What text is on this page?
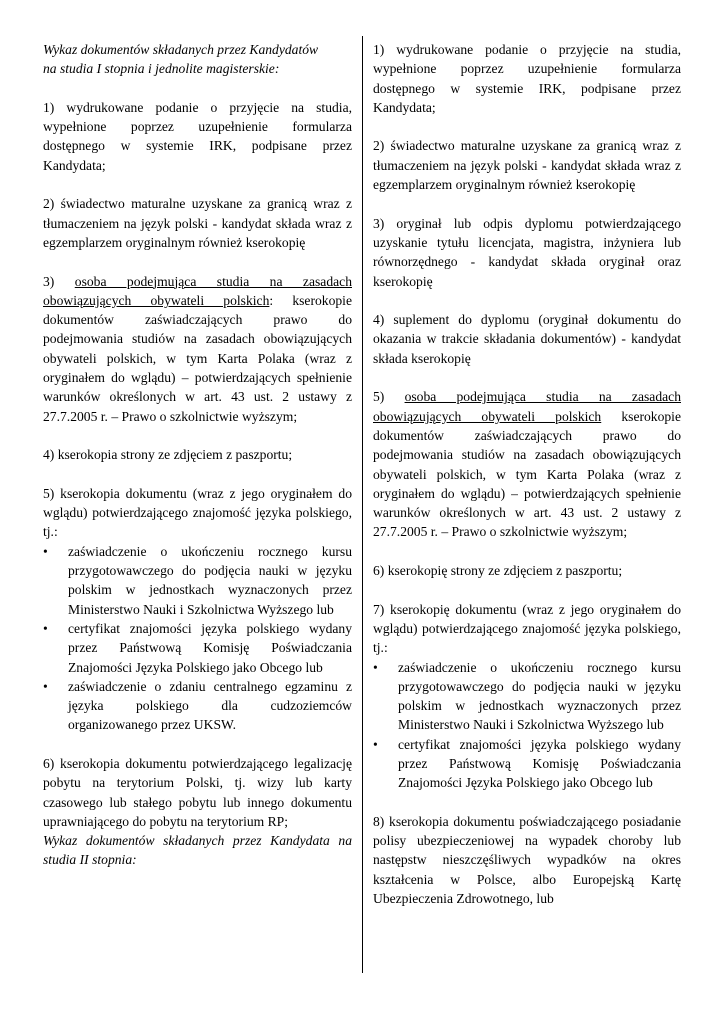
Wykaz dokumentów składanych przez Kandydatów
na studia I stopnia i jednolite magisterskie:

1) wydrukowane podanie o przyjęcie na studia, wypełnione poprzez uzupełnienie formularza dostępnego w systemie IRK, podpisane przez Kandydata;

2) świadectwo maturalne uzyskane za granicą wraz z tłumaczeniem na język polski - kandydat składa wraz z egzemplarzem oryginalnym również kserokopię

3) osoba podejmująca studia na zasadach obowiązujących obywateli polskich: kserokopie dokumentów zaświadczających prawo do podejmowania studiów na zasadach obowiązujących obywateli polskich, w tym Karta Polaka (wraz z oryginałem do wglądu) – potwierdzających spełnienie warunków określonych w art. 43 ust. 2 ustawy z 27.7.2005 r. – Prawo o szkolnictwie wyższym;

4) kserokopia strony ze zdjęciem z paszportu;

5) kserokopia dokumentu (wraz z jego oryginałem do wglądu) potwierdzającego znajomość języka polskiego, tj.:

• zaświadczenie o ukończeniu rocznego kursu przygotowawczego do podjęcia nauki w języku polskim w jednostkach wyznaczonych przez Ministerstwo Nauki i Szkolnictwa Wyższego lub
• certyfikat znajomości języka polskiego wydany przez Państwową Komisję Poświadczania Znajomości Języka Polskiego jako Obcego lub
• zaświadczenie o zdaniu centralnego egzaminu z języka polskiego dla cudzoziemców organizowanego przez UKSW.

6) kserokopia dokumentu potwierdzającego legalizację pobytu na terytorium Polski, tj. wizy lub karty czasowego lub stałego pobytu lub innego dokumentu uprawniającego do pobytu na terytorium RP;

Wykaz dokumentów składanych przez Kandydata na studia II stopnia:

1) wydrukowane podanie o przyjęcie na studia, wypełnione poprzez uzupełnienie formularza dostępnego w systemie IRK, podpisane przez Kandydata;

2) świadectwo maturalne uzyskane za granicą wraz z tłumaczeniem na język polski - kandydat składa wraz z egzemplarzem oryginalnym również kserokopię

3) oryginał lub odpis dyplomu potwierdzającego uzyskanie tytułu licencjata, magistra, inżyniera lub równorzędnego - kandydat składa oryginał oraz kserokopię

4) suplement do dyplomu (oryginał dokumentu do okazania w trakcie składania dokumentów) - kandydat składa kserokopię

5) osoba podejmująca studia na zasadach obowiązujących obywateli polskich kserokopie dokumentów zaświadczających prawo do podejmowania studiów na zasadach obowiązujących obywateli polskich, w tym Karta Polaka (wraz z oryginałem do wglądu) – potwierdzających spełnienie warunków określonych w art. 43 ust. 2 ustawy z 27.7.2005 r. – Prawo o szkolnictwie wyższym;

6) kserokopię strony ze zdjęciem z paszportu;

7) kserokopię dokumentu (wraz z jego oryginałem do wglądu) potwierdzającego znajomość języka polskiego, tj.:

• zaświadczenie o ukończeniu rocznego kursu przygotowawczego do podjęcia nauki w języku polskim w jednostkach wyznaczonych przez Ministerstwo Nauki i Szkolnictwa Wyższego lub
• certyfikat znajomości języka polskiego wydany przez Państwową Komisję Poświadczania Znajomości Języka Polskiego jako Obcego lub

8) kserokopia dokumentu poświadczającego posiadanie polisy ubezpieczeniowej na wypadek choroby lub następstw nieszczęśliwych wypadków na okres kształcenia w Polsce, albo Europejską Kartę Ubezpieczenia Zdrowotnego, lub
